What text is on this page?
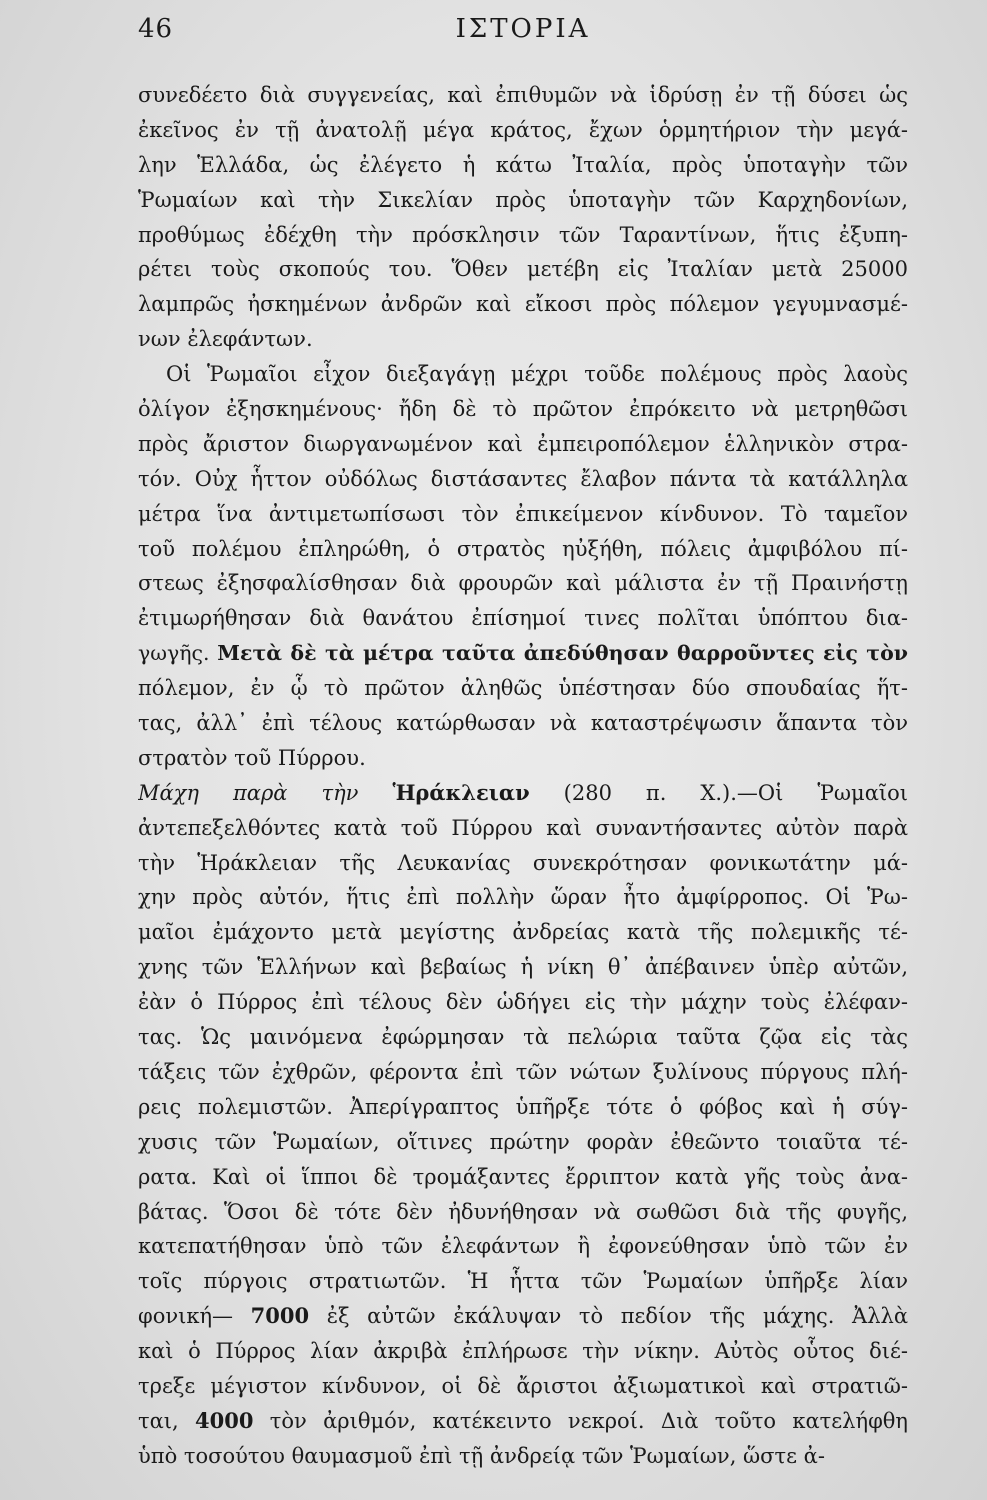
46	ΙΣΤΟΡΙΑ
συνεδέετο διὰ συγγενείας, καὶ ἐπιθυμῶν νὰ ἱδρύσῃ ἐν τῇ δύσει ὡς
ἐκεῖνος ἐν τῇ ἀνατολῇ μέγα κράτος, ἔχων ὁρμητήριον τὴν μεγά-
λην Ἑλλάδα, ὡς ἐλέγετο ἡ κάτω Ἰταλία, πρὸς ὑποταγὴν τῶν
Ῥωμαίων καὶ τὴν Σικελίαν πρὸς ὑποταγὴν τῶν Καρχηδονίων,
προθύμως ἐδέχθη τὴν πρόσκλησιν τῶν Ταραντίνων, ἥτις ἐξυπη-
ρέτει τοὺς σκοπούς του. Ὅθεν μετέβη εἰς Ἰταλίαν μετὰ 25000
λαμπρῶς ἠσκημένων ἀνδρῶν καὶ εἴκοσι πρὸς πόλεμον γεγυμνασμέ-
νων ἐλεφάντων.
Οἱ Ῥωμαῖοι εἶχον διεξαγάγῃ μέχρι τοῦδε πολέμους πρὸς λαοὺς
ὀλίγον ἐξησκημένους· ἤδη δὲ τὸ πρῶτον ἐπρόκειτο νὰ μετρηθῶσι
πρὸς ἄριστον διωργανωμένον καὶ ἐμπειροπόλεμον ἑλληνικὸν στρα-
τόν. Οὐχ ἧττον οὐδόλως διστάσαντες ἔλαβον πάντα τὰ κατάλληλα
μέτρα ἵνα ἀντιμετωπίσωσι τὸν ἐπικείμενον κίνδυνον. Τὸ ταμεῖον
τοῦ πολέμου ἐπληρώθη, ὁ στρατὸς ηὐξήθη, πόλεις ἀμφιβόλου πί-
στεως ἐξησφαλίσθησαν διὰ φρουρῶν καὶ μάλιστα ἐν τῇ Πραινήστῃ
ἐτιμωρήθησαν διὰ θανάτου ἐπίσημοί τινες πολῖται ὑπόπτου δια-
γωγῆς. Μετὰ δὲ τὰ μέτρα ταῦτα ἀπεδύθησαν θαρροῦντες εἰς τὸν
πόλεμον, ἐν ᾧ τὸ πρῶτον ἀληθῶς ὑπέστησαν δύο σπουδαίας ἥτ-
τας, ἀλλ᾽ ἐπὶ τέλους κατώρθωσαν νὰ καταστρέψωσιν ἅπαντα τὸν
στρατὸν τοῦ Πύρρου.
Μάχη παρὰ τὴν Ἡράκλειαν (280 π. Χ.).—Οἱ Ῥωμαῖοι
ἀντεπεξελθόντες κατὰ τοῦ Πύρρου καὶ συναντήσαντες αὐτὸν παρὰ
τὴν Ἡράκλειαν τῆς Λευκανίας συνεκρότησαν φονικωτάτην μά-
χην πρὸς αὐτόν, ἥτις ἐπὶ πολλὴν ὥραν ἦτο ἀμφίρροπος. Οἱ Ῥω-
μαῖοι ἐμάχοντο μετὰ μεγίστης ἀνδρείας κατὰ τῆς πολεμικῆς τέ-
χνης τῶν Ἑλλήνων καὶ βεβαίως ἡ νίκη θ᾽ ἀπέβαινεν ὑπὲρ αὐτῶν,
ἐὰν ὁ Πύρρος ἐπὶ τέλους δὲν ὡδήγει εἰς τὴν μάχην τοὺς ἐλέφαν-
τας. Ὡς μαινόμενα ἐφώρμησαν τὰ πελώρια ταῦτα ζῷα εἰς τὰς
τάξεις τῶν ἐχθρῶν, φέροντα ἐπὶ τῶν νώτων ξυλίνους πύργους πλή-
ρεις πολεμιστῶν. Ἀπερίγραπτος ὑπῆρξε τότε ὁ φόβος καὶ ἡ σύγ-
χυσις τῶν Ῥωμαίων, οἵτινες πρώτην φορὰν ἐθεῶντο τοιαῦτα τέ-
ρατα. Καὶ οἱ ἵπποι δὲ τρομάξαντες ἔρριπτον κατὰ γῆς τοὺς ἀνα-
βάτας. Ὅσοι δὲ τότε δὲν ἠδυνήθησαν νὰ σωθῶσι διὰ τῆς φυγῆς,
κατεπατήθησαν ὑπὸ τῶν ἐλεφάντων ἢ ἐφονεύθησαν ὑπὸ τῶν ἐν
τοῖς πύργοις στρατιωτῶν. Ἡ ἧττα τῶν Ῥωμαίων ὑπῆρξε λίαν
φονική— 7000 ἐξ αὐτῶν ἐκάλυψαν τὸ πεδίον τῆς μάχης. Ἀλλὰ
καὶ ὁ Πύρρος λίαν ἀκριβὰ ἐπλήρωσε τὴν νίκην. Αὐτὸς οὗτος διέ-
τρεξε μέγιστον κίνδυνον, οἱ δὲ ἄριστοι ἀξιωματικοὶ καὶ στρατιῶ-
ται, 4000 τὸν ἀριθμόν, κατέκειντο νεκροί. Διὰ τοῦτο κατελήφθη
ὑπὸ τοσούτου θαυμασμοῦ ἐπὶ τῇ ἀνδρείᾳ τῶν Ῥωμαίων, ὥστε ἀ-
